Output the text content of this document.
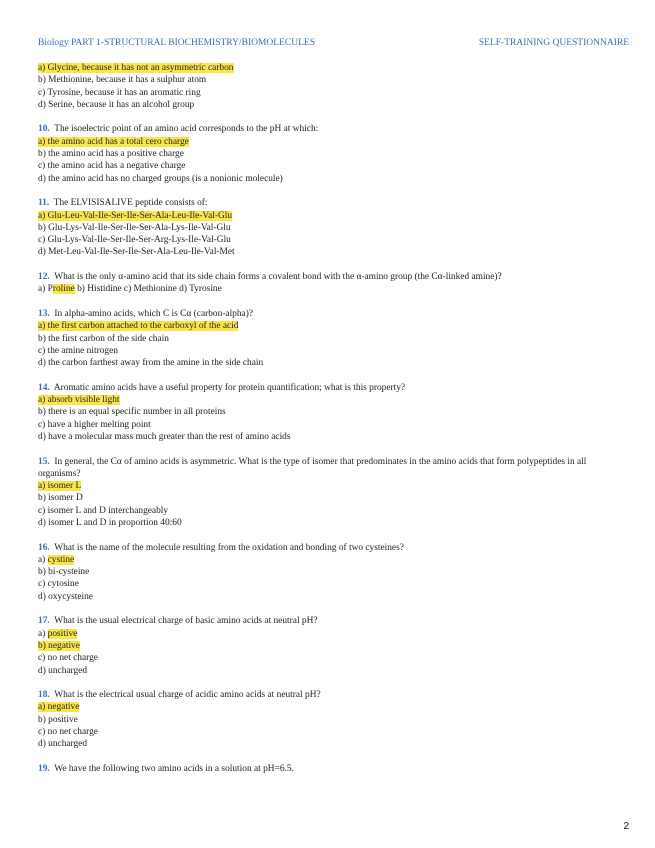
Biology PART 1-STRUCTURAL BIOCHEMISTRY/BIOMOLECULES	SELF-TRAINING QUESTIONNAIRE
a) Glycine, because it has not an asymmetric carbon
b) Methionine, because it has a sulphur atom
c) Tyrosine, because it has an aromatic ring
d) Serine, because it has an alcohol group
10. The isoelectric point of an amino acid corresponds to the pH at which:
a) the amino acid has a total cero charge
b) the amino acid has a positive charge
c) the amino acid has a negative charge
d) the amino acid has no charged groups (is a nonionic molecule)
11. The ELVISISALIVE peptide consists of:
a) Glu-Leu-Val-Ile-Ser-Ile-Ser-Ala-Leu-Ile-Val-Glu
b) Glu-Lys-Val-Ile-Ser-Ile-Ser-Ala-Lys-Ile-Val-Glu
c) Glu-Lys-Val-Ile-Ser-Ile-Ser-Arg-Lys-Ile-Val-Glu
d) Met-Leu-Val-Ile-Ser-Ile-Ser-Ala-Leu-Ile-Val-Met
12. What is the only α-amino acid that its side chain forms a covalent bond with the α-amino group (the Cα-linked amine)?
a) Proline b) Histidine c) Methionine d) Tyrosine
13. In alpha-amino acids, which C is Cα (carbon-alpha)?
a) the first carbon attached to the carboxyl of the acid
b) the first carbon of the side chain
c) the amine nitrogen
d) the carbon farthest away from the amine in the side chain
14. Aromatic amino acids have a useful property for protein quantification; what is this property?
a) absorb visible light
b) there is an equal specific number in all proteins
c) have a higher melting point
d) have a molecular mass much greater than the rest of amino acids
15. In general, the Cα of amino acids is asymmetric. What is the type of isomer that predominates in the amino acids that form polypeptides in all organisms?
a) isomer L
b) isomer D
c) isomer L and D interchangeably
d) isomer L and D in proportion 40:60
16. What is the name of the molecule resulting from the oxidation and bonding of two cysteines?
a) cystine
b) bi-cysteine
c) cytosine
d) oxycysteine
17. What is the usual electrical charge of basic amino acids at neutral pH?
a) positive
b) negative
c) no net charge
d) uncharged
18. What is the electrical usual charge of acidic amino acids at neutral pH?
a) negative
b) positive
c) no net charge
d) uncharged
19. We have the following two amino acids in a solution at pH=6.5.
2
